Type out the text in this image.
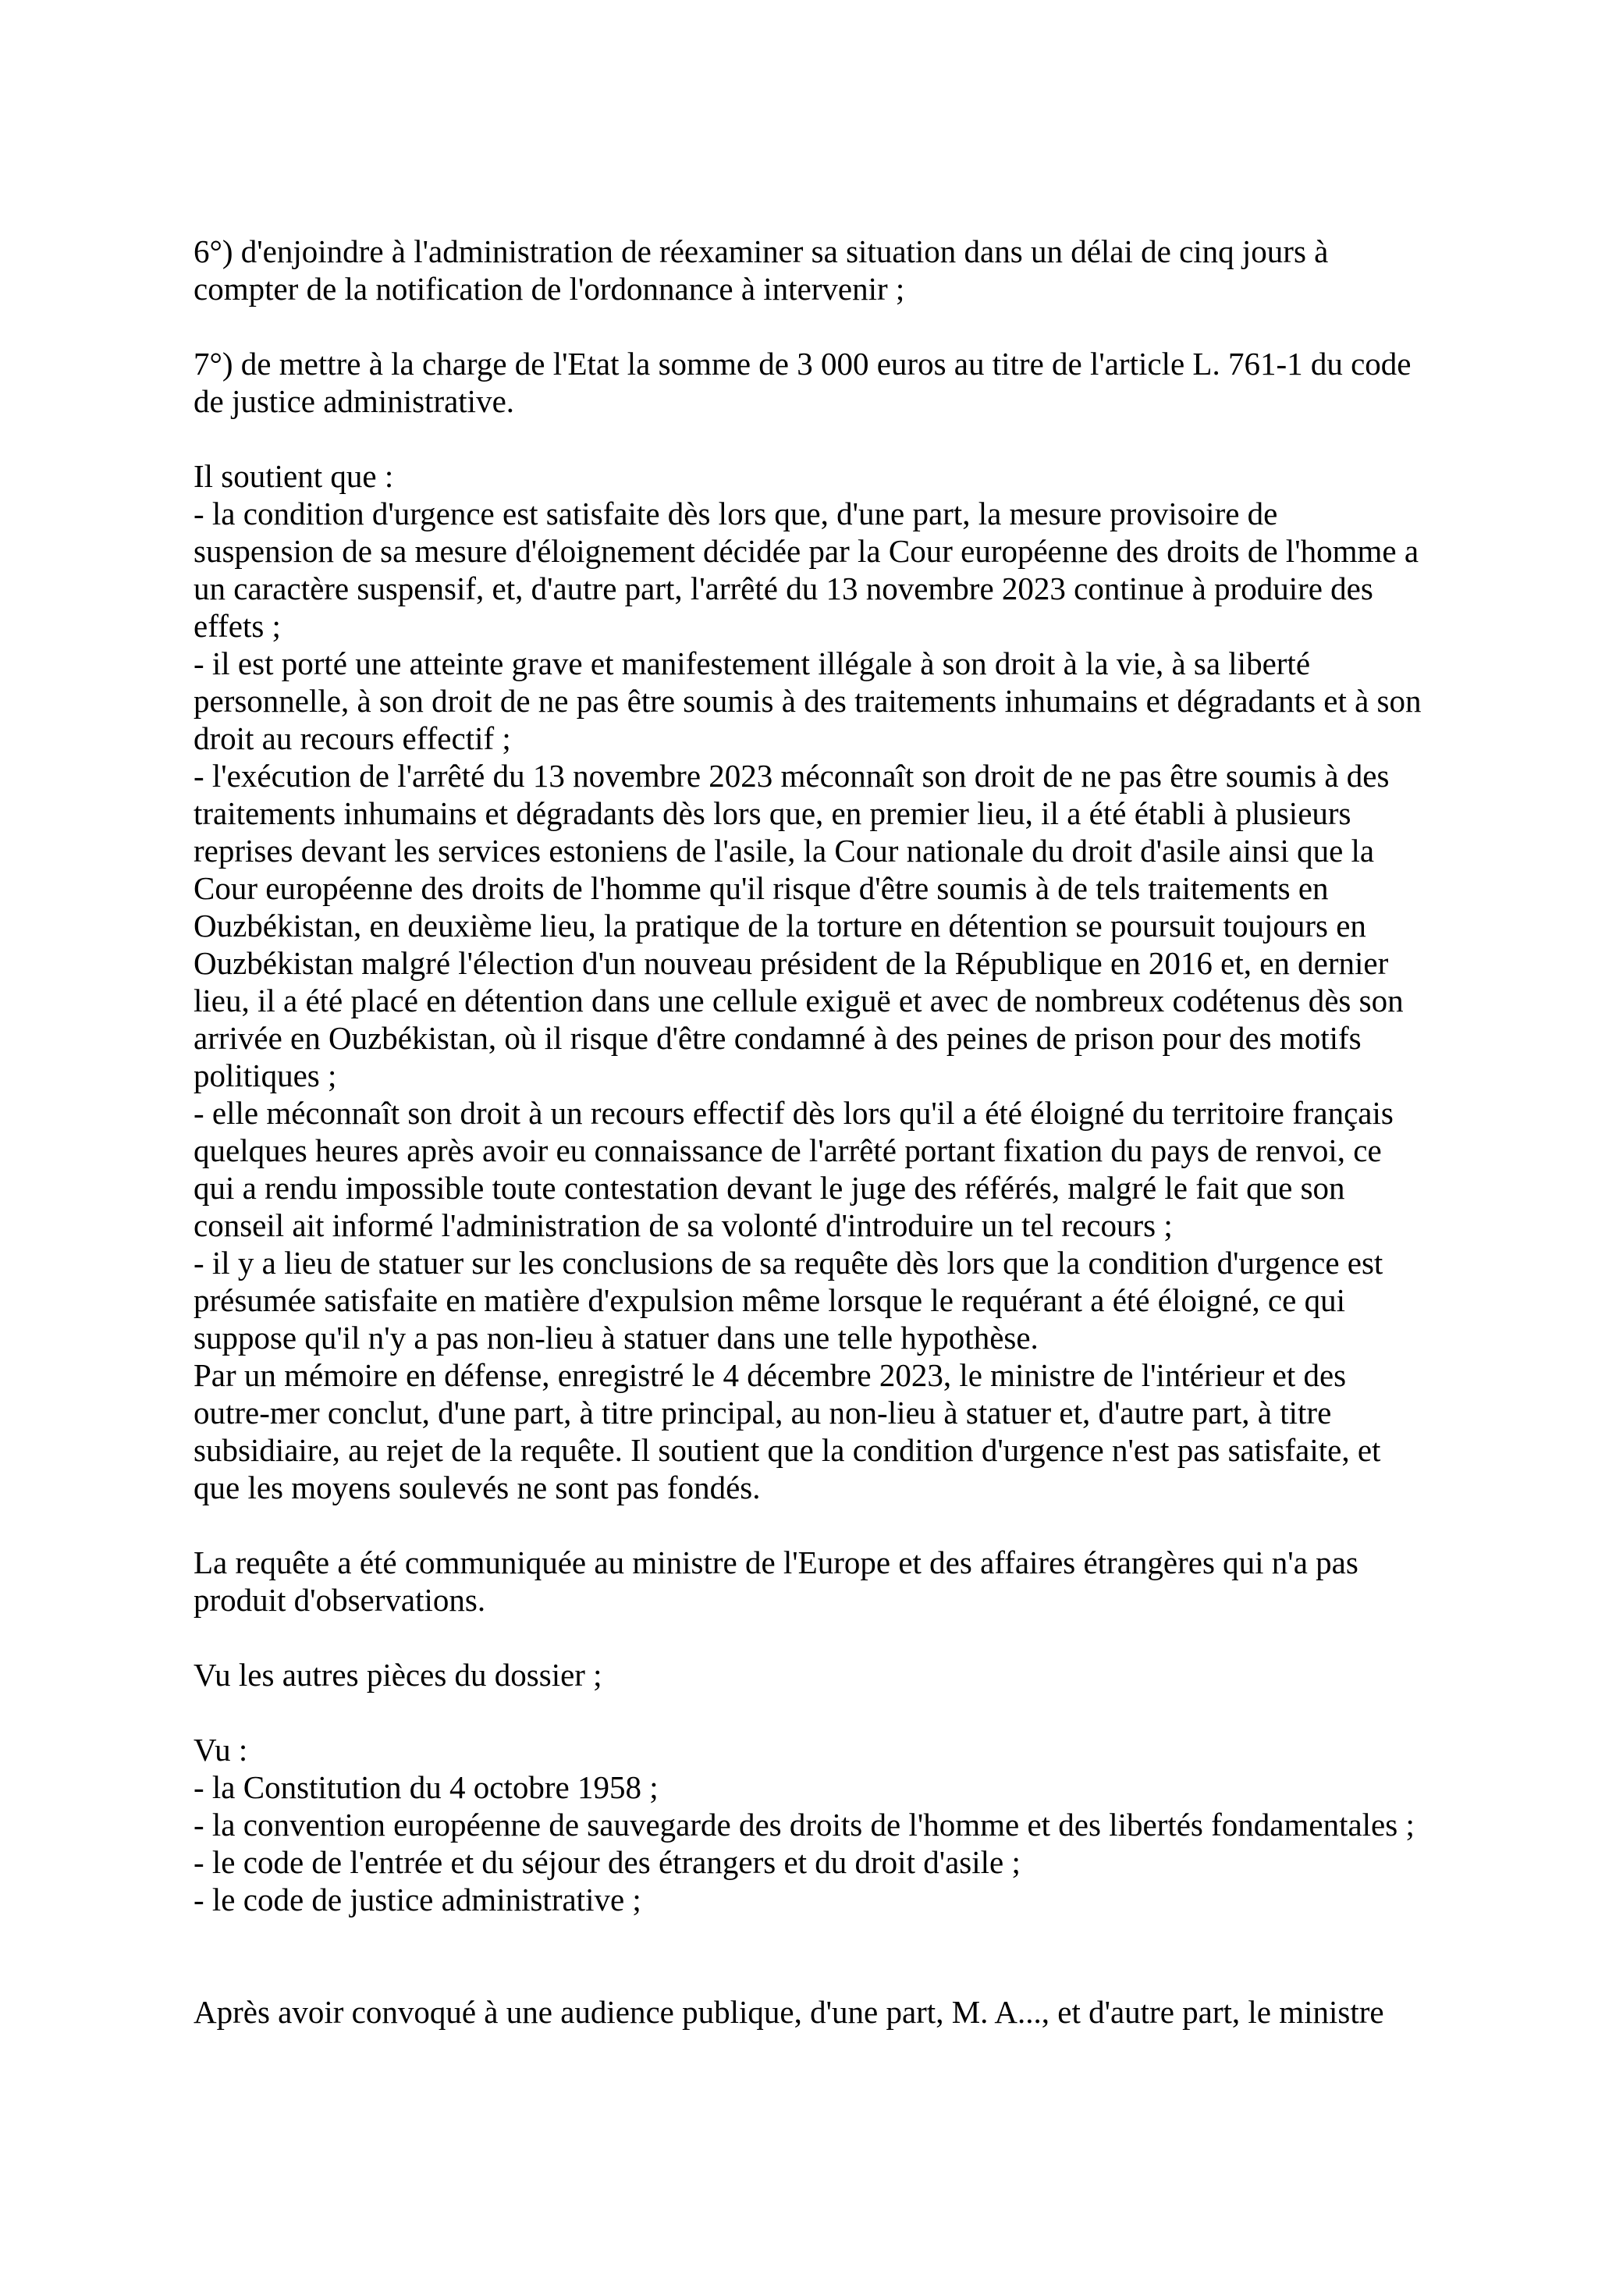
6°) d'enjoindre à l'administration de réexaminer sa situation dans un délai de cinq jours à compter de la notification de l'ordonnance à intervenir ;
7°) de mettre à la charge de l'Etat la somme de 3 000 euros au titre de l'article L. 761-1 du code de justice administrative.
Il soutient que :
- la condition d'urgence est satisfaite dès lors que, d'une part, la mesure provisoire de suspension de sa mesure d'éloignement décidée par la Cour européenne des droits de l'homme a un caractère suspensif, et, d'autre part, l'arrêté du 13 novembre 2023 continue à produire des effets ;
- il est porté une atteinte grave et manifestement illégale à son droit à la vie, à sa liberté personnelle, à son droit de ne pas être soumis à des traitements inhumains et dégradants et à son droit au recours effectif ;
- l'exécution de l'arrêté du 13 novembre 2023 méconnaît son droit de ne pas être soumis à des traitements inhumains et dégradants dès lors que, en premier lieu, il a été établi à plusieurs reprises devant les services estoniens de l'asile, la Cour nationale du droit d'asile ainsi que la Cour européenne des droits de l'homme qu'il risque d'être soumis à de tels traitements en Ouzbékistan, en deuxième lieu, la pratique de la torture en détention se poursuit toujours en Ouzbékistan malgré l'élection d'un nouveau président de la République en 2016 et, en dernier lieu, il a été placé en détention dans une cellule exiguë et avec de nombreux codétenus dès son arrivée en Ouzbékistan, où il risque d'être condamné à des peines de prison pour des motifs politiques ;
- elle méconnaît son droit à un recours effectif dès lors qu'il a été éloigné du territoire français quelques heures après avoir eu connaissance de l'arrêté portant fixation du pays de renvoi, ce qui a rendu impossible toute contestation devant le juge des référés, malgré le fait que son conseil ait informé l'administration de sa volonté d'introduire un tel recours ;
- il y a lieu de statuer sur les conclusions de sa requête dès lors que la condition d'urgence est présumée satisfaite en matière d'expulsion même lorsque le requérant a été éloigné, ce qui suppose qu'il n'y a pas non-lieu à statuer dans une telle hypothèse.
Par un mémoire en défense, enregistré le 4 décembre 2023, le ministre de l'intérieur et des outre-mer conclut, d'une part, à titre principal, au non-lieu à statuer et, d'autre part, à titre subsidiaire, au rejet de la requête. Il soutient que la condition d'urgence n'est pas satisfaite, et que les moyens soulevés ne sont pas fondés.
La requête a été communiquée au ministre de l'Europe et des affaires étrangères qui n'a pas produit d'observations.
Vu les autres pièces du dossier ;
Vu :
- la Constitution du 4 octobre 1958 ;
- la convention européenne de sauvegarde des droits de l'homme et des libertés fondamentales ;
- le code de l'entrée et du séjour des étrangers et du droit d'asile ;
- le code de justice administrative ;
Après avoir convoqué à une audience publique, d'une part, M. A..., et d'autre part, le ministre
